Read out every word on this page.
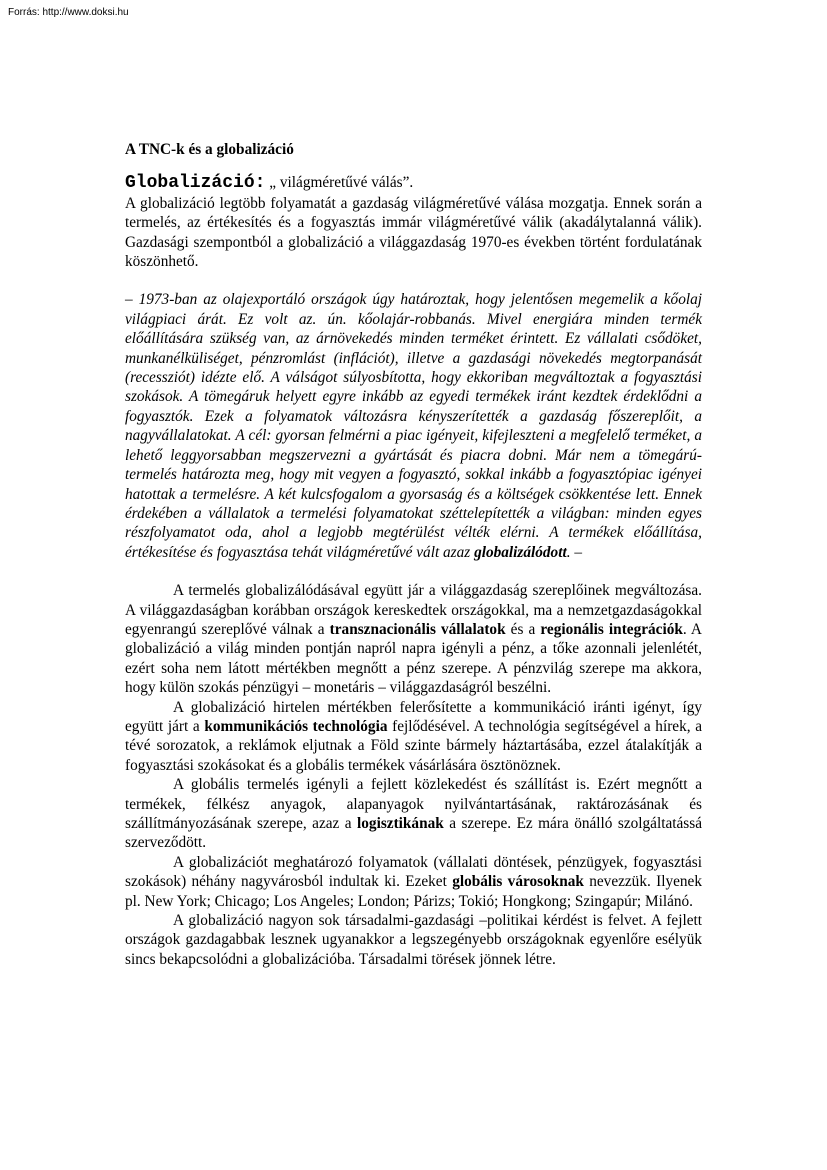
Forrás: http://www.doksi.hu

A TNC-k és a globalizáció

Globalizáció: „ világméretűvé válás”.

A globalizáció legtöbb folyamatát a gazdaság világméretűvé válása mozgatja. Ennek során a termelés, az értékesítés és a fogyasztás immár világméretűvé válik (akadálytalanná válik). Gazdasági szempontból a globalizáció a világgazdaság 1970-es években történt fordulatának köszönhető.

– 1973-ban az olajexportáló országok úgy határoztak, hogy jelentősen megemelik a kőolaj világpiaci árát. Ez volt az. ún. kőolajár-robbanás. Mivel energiára minden termék előállítására szükség van, az árnövekedés minden terméket érintett. Ez vállalati csődöket, munkanélküliséget, pénzromlást (inflációt), illetve a gazdasági növekedés megtorpanását (recessziót) idézte elő. A válságot súlyosbította, hogy ekkoriban megváltoztak a fogyasztási szokások. A tömegáruk helyett egyre inkább az egyedi termékek iránt kezdtek érdeklődni a fogyasztók. Ezek a folyamatok változásra kényszerítették a gazdaság főszereplőit, a nagyvállalatokat. A cél: gyorsan felmérni a piac igényeit, kifejleszteni a megfelelő terméket, a lehető leggyorsabban megszervezni a gyártását és piacra dobni. Már nem a tömegárú-termelés határozta meg, hogy mit vegyen a fogyasztó, sokkal inkább a fogyasztópiac igényei hatottak a termelésre. A két kulcsfogalom a gyorsaság és a költségek csökkentése lett. Ennek érdekében a vállalatok a termelési folyamatokat széttelepítették a világban: minden egyes részfolyamatot oda, ahol a legjobb megtérülést vélték elérni. A termékek előállítása, értékesítése és fogyasztása tehát világméretűvé vált azaz globalizálódott. –

A termelés globalizálódásával együtt jár a világgazdaság szereplőinek megváltozása. A világgazdaságban korábban országok kereskedtek országokkal, ma a nemzetgazdaságokkal egyenrangú szereplővé válnak a transznacionális vállalatok és a regionális integrációk. A globalizáció a világ minden pontján napról napra igényli a pénz, a tőke azonnali jelenlétét, ezért soha nem látott mértékben megnőtt a pénz szerepe. A pénzvilág szerepe ma akkora, hogy külön szokás pénzügyi – monetáris – világgazdaságról beszélni.

A globalizáció hirtelen mértékben felerősítette a kommunikáció iránti igényt, így együtt járt a kommunikációs technológia fejlődésével. A technológia segítségével a hírek, a tévé sorozatok, a reklámok eljutnak a Föld szinte bármely háztartásába, ezzel átalakítják a fogyasztási szokásokat és a globális termékek vásárlására ösztönöznek.

A globális termelés igényli a fejlett közlekedést és szállítást is. Ezért megnőtt a termékek, félkész anyagok, alapanyagok nyilvántartásának, raktározásának és szállítmányozásának szerepe, azaz a logisztikának a szerepe. Ez mára önálló szolgáltatássá szerveződött.

A globalizációt meghatározó folyamatok (vállalati döntések, pénzügyek, fogyasztási szokások) néhány nagyvárosból indultak ki. Ezeket globális városoknak nevezzük. Ilyenek pl. New York; Chicago; Los Angeles; London; Párizs; Tokió; Hongkong; Szingapúr; Milánó.

A globalizáció nagyon sok társadalmi-gazdasági –politikai kérdést is felvet. A fejlett országok gazdagabbak lesznek ugyanakkor a legszegényebb országoknak egyenlőre esélyük sincs bekapcsolódni a globalizációba. Társadalmi törések jönnek létre.
